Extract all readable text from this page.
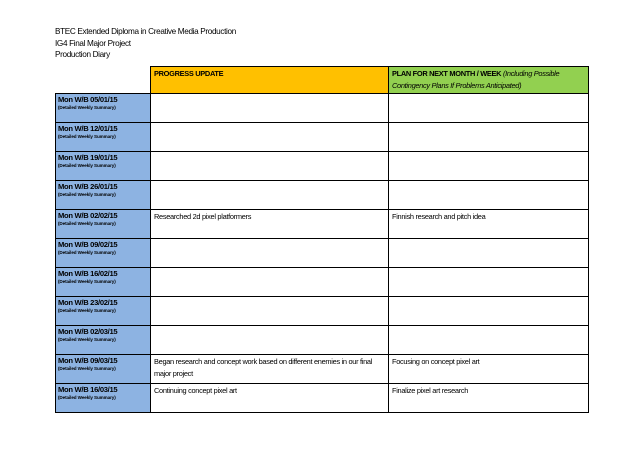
BTEC Extended Diploma in Creative Media Production
IG4 Final Major Project
Production Diary
	PROGRESS UPDATE	PLAN FOR NEXT MONTH / WEEK (Including Possible Contingency Plans If Problems Anticipated)

Mon W/B 05/01/15
(Detailed Weekly Summary)		

Mon W/B 12/01/15
(Detailed Weekly Summary)		

Mon W/B 19/01/15
(Detailed Weekly Summary)		

Mon W/B 26/01/15
(Detailed Weekly Summary)		

Mon W/B 02/02/15
(Detailed Weekly Summary)	Researched 2d pixel platformers	Finnish research and pitch idea

Mon W/B 09/02/15
(Detailed Weekly Summary)		

Mon W/B 16/02/15
(Detailed Weekly Summary)		

Mon W/B 23/02/15
(Detailed Weekly Summary)		

Mon W/B 02/03/15
(Detailed Weekly Summary)		

Mon W/B 09/03/15
(Detailed Weekly Summary)	Began research and concept work based on different enemies in our final major project	Focusing on concept pixel art

Mon W/B 16/03/15
(Detailed Weekly Summary)	Continuing concept pixel art	Finalize pixel art research
